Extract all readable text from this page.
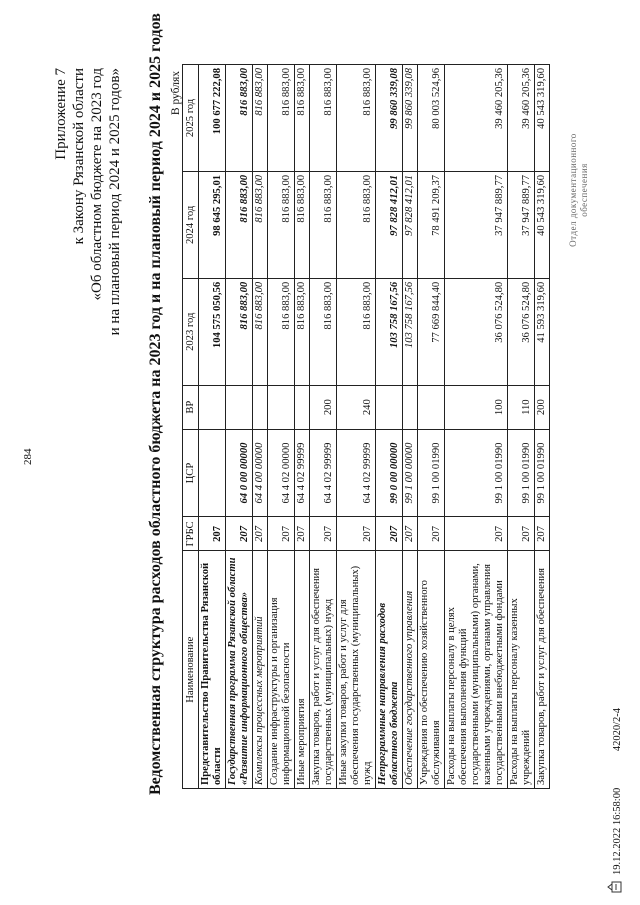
284
Приложение 7 к Закону Рязанской области «Об областном бюджете на 2023 год и на плановый период 2024 и 2025 годов» Ведомственная структура расходов областного бюджета на 2023 год и на плановый период 2024 и 2025 годов В рублях
Наименование	ГРБС	ЦСР	ВР	2023 год	2024 год	2025 год
Представительство Правительства Рязанской области	207			104 575 050,56	98 645 295,01	100 677 222,08
Государственная программа Рязанской области «Развитие информационного общества»	207	64 0 00 00000		816 883,00	816 883,00	816 883,00
Комплексы процессных мероприятий	207	64 4 00 00000		816 883,00	816 883,00	816 883,00
Создание инфраструктуры и организация информационной безопасности	207	64 4 02 00000		816 883,00	816 883,00	816 883,00
Иные мероприятия	207	64 4 02 99999		816 883,00	816 883,00	816 883,00
Закупка товаров, работ и услуг для обеспечения государственных (муниципальных) нужд	207	64 4 02 99999	200	816 883,00	816 883,00	816 883,00
Иные закупки товаров, работ и услуг для обеспечения государственных (муниципальных) нужд	207	64 4 02 99999	240	816 883,00	816 883,00	816 883,00
Непрограммные направления расходов областного бюджета	207	99 0 00 00000		103 758 167,56	97 828 412,01	99 860 339,08
Обеспечение государственного управления	207	99 1 00 00000		103 758 167,56	97 828 412,01	99 860 339,08
Учреждения по обеспечению хозяйственного обслуживания	207	99 1 00 01990		77 669 844,40	78 491 209,37	80 003 524,96
Расходы на выплаты персоналу в целях обеспечения выполнения функций государственными (муниципальными) органами, казенными учреждениями, органами управления государственными внебюджетными фондами	207	99 1 00 01990	100	36 076 524,80	37 947 889,77	39 460 205,36
Расходы на выплаты персоналу казенных учреждений	207	99 1 00 01990	110	36 076 524,80	37 947 889,77	39 460 205,36
Закупка товаров, работ и услуг для обеспечения	207	99 1 00 01990	200	41 593 319,60	40 543 319,60	40 543 319,60
Отдел документационного обеспечения
19.12.2022 16:58:00 42020/2-4
